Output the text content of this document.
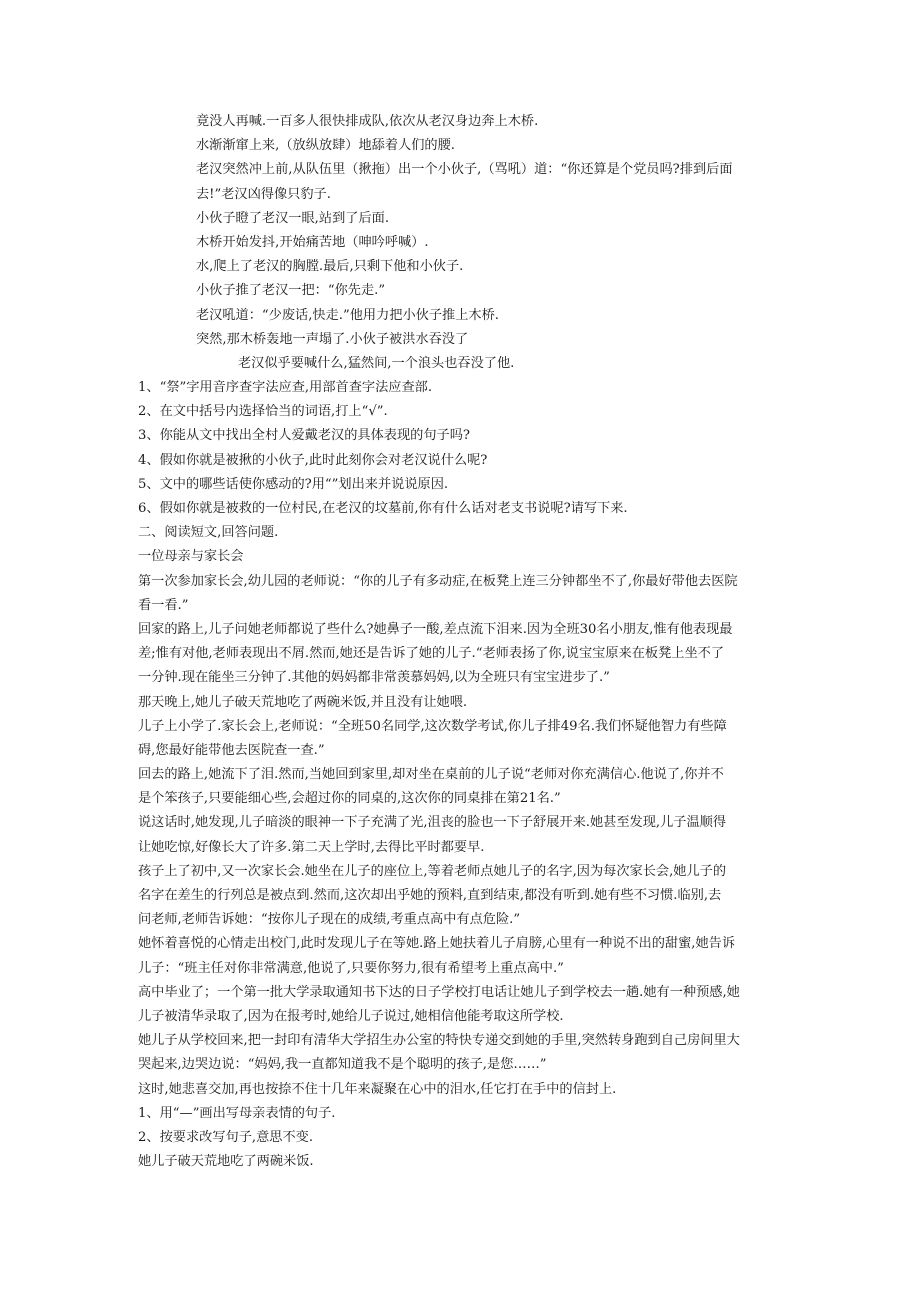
竟没人再喊.一百多人很快排成队,依次从老汉身边奔上木桥.
水渐渐窜上来,（放纵放肆）地舔着人们的腰.
老汉突然冲上前,从队伍里（揪拖）出一个小伙子,（骂吼）道：“你还算是个党员吗?排到后面
去!”老汉凶得像只豹子.
小伙子瞪了老汉一眼,站到了后面.
木桥开始发抖,开始痛苦地（呻吟呼喊）.
水,爬上了老汉的胸膛.最后,只剩下他和小伙子.
小伙子推了老汉一把：“你先走.”
老汉吼道：“少废话,快走.”他用力把小伙子推上木桥.
突然,那木桥轰地一声塌了.小伙子被洪水吞没了
老汉似乎要喊什么,猛然间,一个浪头也吞没了他.
1、“祭”字用音序查字法应查,用部首查字法应查部.
2、在文中括号内选择恰当的词语,打上“√”.
3、你能从文中找出全村人爱戴老汉的具体表现的句子吗?
4、假如你就是被揪的小伙子,此时此刻你会对老汉说什么呢?
5、文中的哪些话使你感动的?用“”划出来并说说原因.
6、假如你就是被救的一位村民,在老汉的坟墓前,你有什么话对老支书说呢?请写下来.
二、阅读短文,回答问题.
一位母亲与家长会
第一次参加家长会,幼儿园的老师说：“你的儿子有多动症,在板凳上连三分钟都坐不了,你最好带他去医院
看一看.”
回家的路上,儿子问她老师都说了些什么?她鼻子一酸,差点流下泪来.因为全班30名小朋友,惟有他表现最
差;惟有对他,老师表现出不屑.然而,她还是告诉了她的儿子.“老师表扬了你,说宝宝原来在板凳上坐不了
一分钟.现在能坐三分钟了.其他的妈妈都非常羡慕妈妈,以为全班只有宝宝进步了.”
那天晚上,她儿子破天荒地吃了两碗米饭,并且没有让她喂.
儿子上小学了.家长会上,老师说：“全班50名同学,这次数学考试,你儿子排49名.我们怀疑他智力有些障
碍,您最好能带他去医院查一查.”
回去的路上,她流下了泪.然而,当她回到家里,却对坐在桌前的儿子说“老师对你充满信心.他说了,你并不
是个笨孩子,只要能细心些,会超过你的同桌的,这次你的同桌排在第21名.”
说这话时,她发现,儿子暗淡的眼神一下子充满了光,沮丧的脸也一下子舒展开来.她甚至发现,儿子温顺得
让她吃惊,好像长大了许多.第二天上学时,去得比平时都要早.
孩子上了初中,又一次家长会.她坐在儿子的座位上,等着老师点她儿子的名字,因为每次家长会,她儿子的
名字在差生的行列总是被点到.然而,这次却出乎她的预料,直到结束,都没有听到.她有些不习惯.临别,去
问老师,老师告诉她：“按你儿子现在的成绩,考重点高中有点危险.”
她怀着喜悦的心情走出校门,此时发现儿子在等她.路上她扶着儿子肩膀,心里有一种说不出的甜蜜,她告诉
儿子：“班主任对你非常满意,他说了,只要你努力,很有希望考上重点高中.”
高中毕业了；一个第一批大学录取通知书下达的日子学校打电话让她儿子到学校去一趟.她有一种预感,她
儿子被清华录取了,因为在报考时,她给儿子说过,她相信他能考取这所学校.
她儿子从学校回来,把一封印有清华大学招生办公室的特快专递交到她的手里,突然转身跑到自己房间里大
哭起来,边哭边说：“妈妈,我一直都知道我不是个聪明的孩子,是您……”
这时,她悲喜交加,再也按捺不住十几年来凝聚在心中的泪水,任它打在手中的信封上.
1、用“—”画出写母亲表情的句子.
2、按要求改写句子,意思不变.
她儿子破天荒地吃了两碗米饭.
